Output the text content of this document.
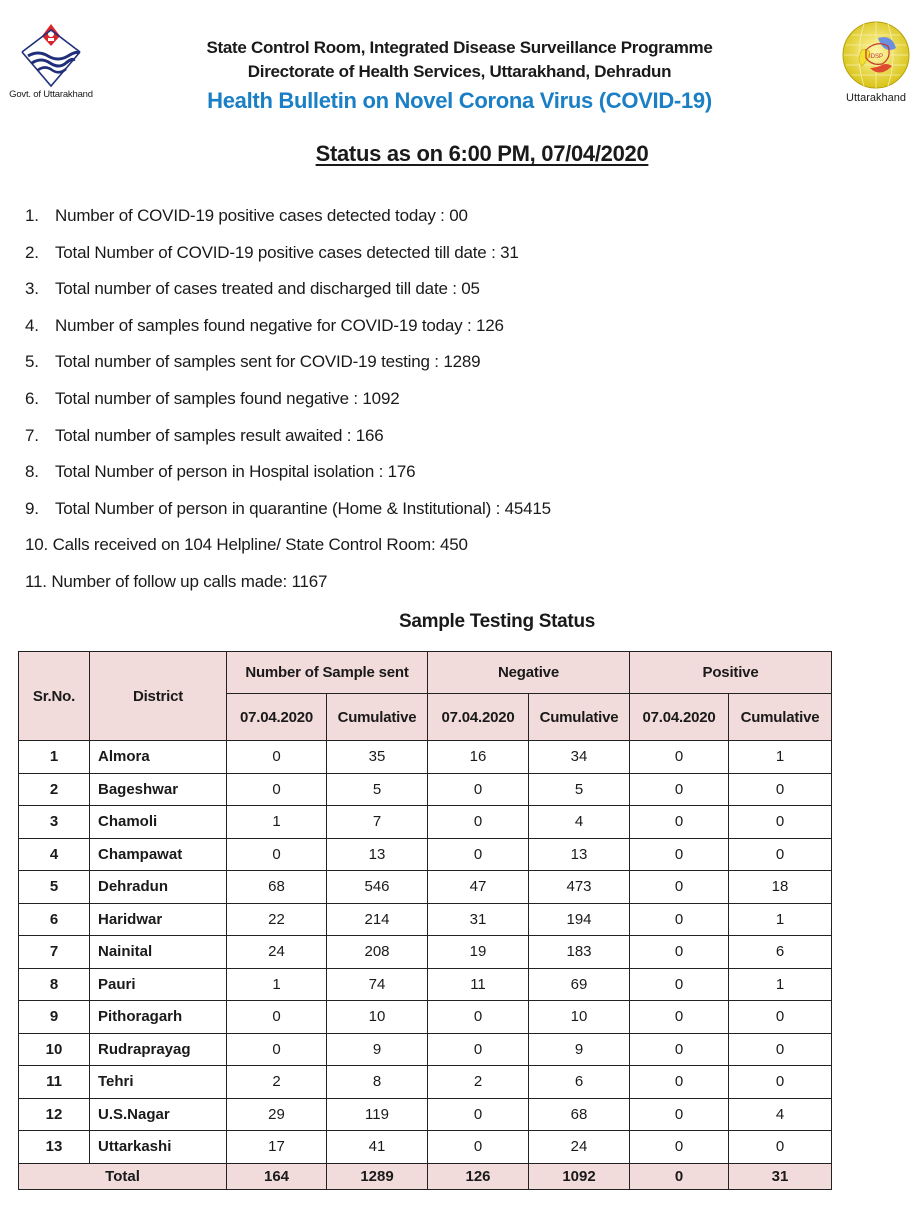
Govt. of Uttarakhand
IDSP
Uttarakhand
State Control Room, Integrated Disease Surveillance Programme
Directorate of Health Services, Uttarakhand, Dehradun
Health Bulletin on Novel Corona Virus (COVID-19)
Status as on 6:00 PM, 07/04/2020
1. Number of COVID-19 positive cases detected today : 00
2. Total Number of COVID-19 positive cases detected till date : 31
3. Total number of cases treated and discharged till date : 05
4. Number of samples found negative for COVID-19 today : 126
5. Total number of samples sent for COVID-19 testing : 1289
6. Total number of samples found negative : 1092
7. Total number of samples result awaited : 166
8. Total Number of person in Hospital isolation : 176
9. Total Number of person in quarantine (Home & Institutional) : 45415
10. Calls received on 104 Helpline/ State Control Room: 450
11. Number of follow up calls made: 1167
Sample Testing Status
Sr.No.	District	Number of Sample sent		Negative		Positive	
		07.04.2020	Cumulative	07.04.2020	Cumulative	07.04.2020	Cumulative
1	Almora	0	35	16	34	0	1
2	Bageshwar	0	5	0	5	0	0
3	Chamoli	1	7	0	4	0	0
4	Champawat	0	13	0	13	0	0
5	Dehradun	68	546	47	473	0	18
6	Haridwar	22	214	31	194	0	1
7	Nainital	24	208	19	183	0	6
8	Pauri	1	74	11	69	0	1
9	Pithoragarh	0	10	0	10	0	0
10	Rudraprayag	0	9	0	9	0	0
11	Tehri	2	8	2	6	0	0
12	U.S.Nagar	29	119	0	68	0	4
13	Uttarkashi	17	41	0	24	0	0
Total		164	1289	126	1092	0	31
